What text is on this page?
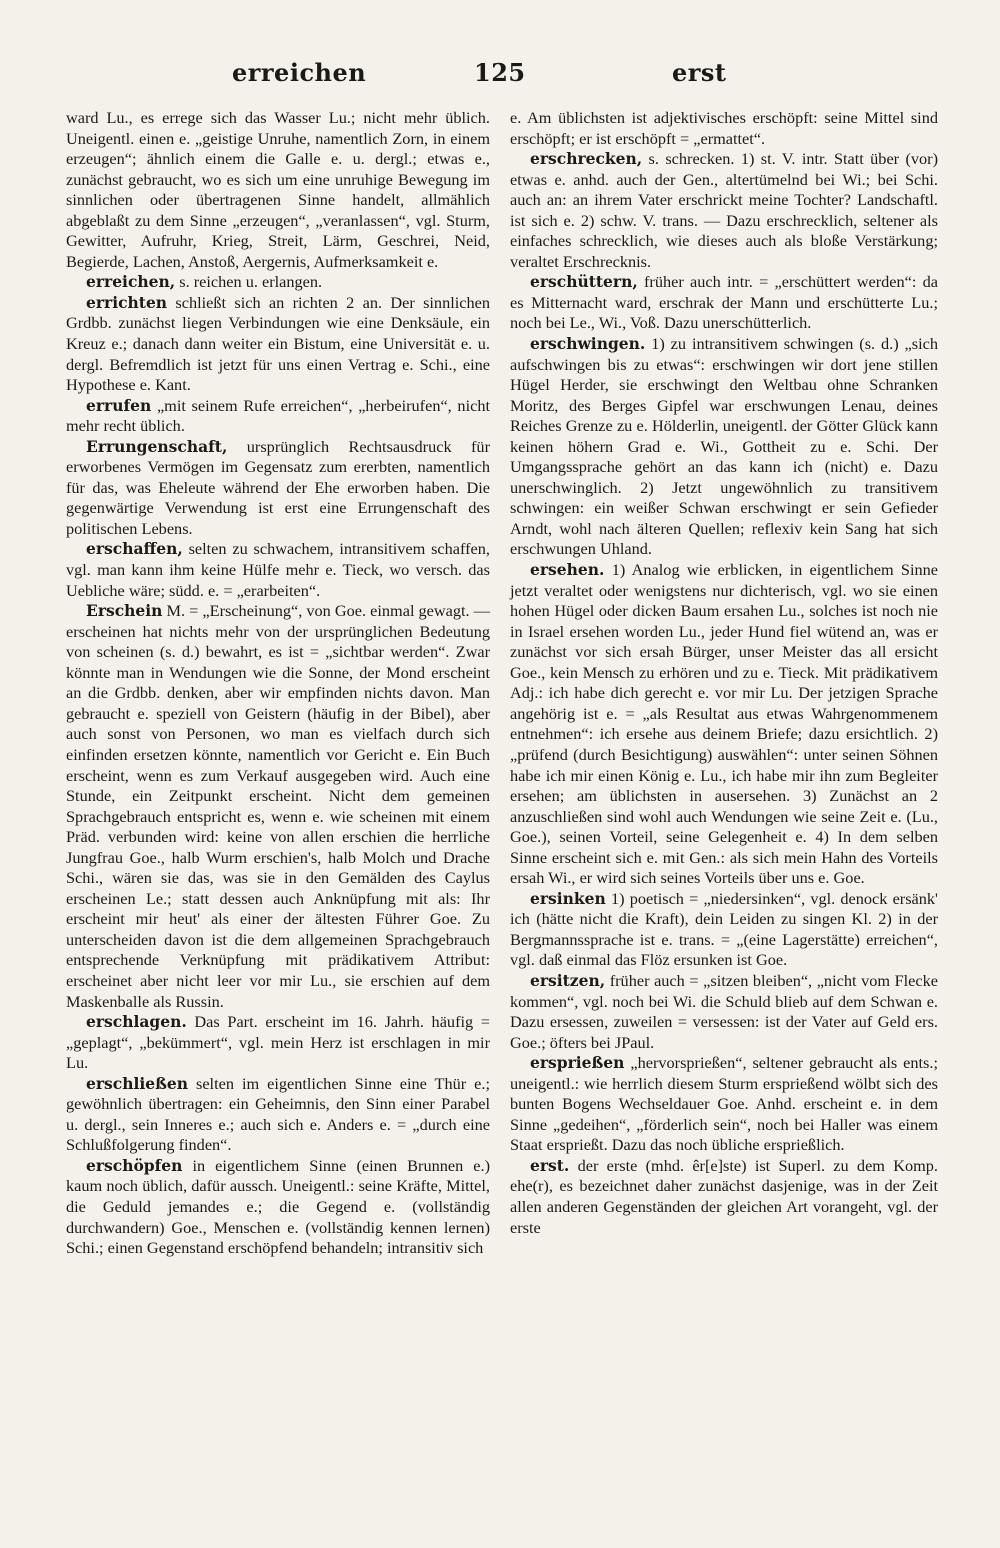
erreichen	125	erst

ward Lu., es errege sich das Wasser Lu.; nicht mehr üblich. Uneigentl. einen e. „geistige Unruhe, namentlich Zorn, in einem erzeugen“; ähnlich einem die Galle e. u. dergl.; etwas e., zunächst gebraucht, wo es sich um eine unruhige Bewegung im sinnlichen oder übertragenen Sinne handelt, allmählich abgeblaßt zu dem Sinne „erzeugen“, „veranlassen“, vgl. Sturm, Gewitter, Aufruhr, Krieg, Streit, Lärm, Geschrei, Neid, Begierde, Lachen, Anstoß, Aergernis, Aufmerksamkeit e.

erreichen, s. reichen u. erlangen.

errichten schließt sich an richten 2 an. Der sinnlichen Grdbb. zunächst liegen Verbindungen wie eine Denksäule, ein Kreuz e.; danach dann weiter ein Bistum, eine Universität e. u. dergl. Befremdlich ist jetzt für uns einen Vertrag e. Schi., eine Hypothese e. Kant.

errufen „mit seinem Rufe erreichen“, „herbeirufen“, nicht mehr recht üblich.

Errungenschaft, ursprünglich Rechtsausdruck für erworbenes Vermögen im Gegensatz zum ererbten, namentlich für das, was Eheleute während der Ehe erworben haben. Die gegenwärtige Verwendung ist erst eine Errungenschaft des politischen Lebens.

erschaffen, selten zu schwachem, intransitivem schaffen, vgl. man kann ihm keine Hülfe mehr e. Tieck, wo versch. das Uebliche wäre; südd. e. = „erarbeiten“.

Erschein M. = „Erscheinung“, von Goe. einmal gewagt. — erscheinen hat nichts mehr von der ursprünglichen Bedeutung von scheinen (s. d.) bewahrt, es ist = „sichtbar werden“. Zwar könnte man in Wendungen wie die Sonne, der Mond erscheint an die Grdbb. denken, aber wir empfinden nichts davon. Man gebraucht e. speziell von Geistern (häufig in der Bibel), aber auch sonst von Personen, wo man es vielfach durch sich einfinden ersetzen könnte, namentlich vor Gericht e. Ein Buch erscheint, wenn es zum Verkauf ausgegeben wird. Auch eine Stunde, ein Zeitpunkt erscheint. Nicht dem gemeinen Sprachgebrauch entspricht es, wenn e. wie scheinen mit einem Präd. verbunden wird: keine von allen erschien die herrliche Jungfrau Goe., halb Wurm erschien's, halb Molch und Drache Schi., wären sie das, was sie in den Gemälden des Caylus erscheinen Le.; statt dessen auch Anknüpfung mit als: Ihr erscheint mir heut' als einer der ältesten Führer Goe. Zu unterscheiden davon ist die dem allgemeinen Sprachgebrauch entsprechende Verknüpfung mit prädikativem Attribut: erscheinet aber nicht leer vor mir Lu., sie erschien auf dem Maskenballe als Russin.

erschlagen. Das Part. erscheint im 16. Jahrh. häufig = „geplagt“, „bekümmert“, vgl. mein Herz ist erschlagen in mir Lu.

erschließen selten im eigentlichen Sinne eine Thür e.; gewöhnlich übertragen: ein Geheimnis, den Sinn einer Parabel u. dergl., sein Inneres e.; auch sich e. Anders e. = „durch eine Schlußfolgerung finden“.

erschöpfen in eigentlichem Sinne (einen Brunnen e.) kaum noch üblich, dafür aussch. Uneigentl.: seine Kräfte, Mittel, die Geduld jemandes e.; die Gegend e. (vollständig durchwandern) Goe., Menschen e. (vollständig kennen lernen) Schi.; einen Gegenstand erschöpfend behandeln; intransitiv sich

e. Am üblichsten ist adjektivisches erschöpft: seine Mittel sind erschöpft; er ist erschöpft = „ermattet“.

erschrecken, s. schrecken. 1) st. V. intr. Statt über (vor) etwas e. anhd. auch der Gen., altertümelnd bei Wi.; bei Schi. auch an: an ihrem Vater erschrickt meine Tochter? Landschaftl. ist sich e. 2) schw. V. trans. — Dazu erschrecklich, seltener als einfaches schrecklich, wie dieses auch als bloße Verstärkung; veraltet Erschrecknis.

erschüttern, früher auch intr. = „erschüttert werden“: da es Mitternacht ward, erschrak der Mann und erschütterte Lu.; noch bei Le., Wi., Voß. Dazu unerschütterlich.

erschwingen. 1) zu intransitivem schwingen (s. d.) „sich aufschwingen bis zu etwas“: erschwingen wir dort jene stillen Hügel Herder, sie erschwingt den Weltbau ohne Schranken Moritz, des Berges Gipfel war erschwungen Lenau, deines Reiches Grenze zu e. Hölderlin, uneigentl. der Götter Glück kann keinen höhern Grad e. Wi., Gottheit zu e. Schi. Der Umgangssprache gehört an das kann ich (nicht) e. Dazu unerschwinglich. 2) Jetzt ungewöhnlich zu transitivem schwingen: ein weißer Schwan erschwingt er sein Gefieder Arndt, wohl nach älteren Quellen; reflexiv kein Sang hat sich erschwungen Uhland.

ersehen. 1) Analog wie erblicken, in eigentlichem Sinne jetzt veraltet oder wenigstens nur dichterisch, vgl. wo sie einen hohen Hügel oder dicken Baum ersahen Lu., solches ist noch nie in Israel ersehen worden Lu., jeder Hund fiel wütend an, was er zunächst vor sich ersah Bürger, unser Meister das all ersicht Goe., kein Mensch zu erhören und zu e. Tieck. Mit prädikativem Adj.: ich habe dich gerecht e. vor mir Lu. Der jetzigen Sprache angehörig ist e. = „als Resultat aus etwas Wahrgenommenem entnehmen“: ich ersehe aus deinem Briefe; dazu ersichtlich. 2) „prüfend (durch Besichtigung) auswählen“: unter seinen Söhnen habe ich mir einen König e. Lu., ich habe mir ihn zum Begleiter ersehen; am üblichsten in ausersehen. 3) Zunächst an 2 anzuschließen sind wohl auch Wendungen wie seine Zeit e. (Lu., Goe.), seinen Vorteil, seine Gelegenheit e. 4) In dem selben Sinne erscheint sich e. mit Gen.: als sich mein Hahn des Vorteils ersah Wi., er wird sich seines Vorteils über uns e. Goe.

ersinken 1) poetisch = „niedersinken“, vgl. denock ersänk' ich (hätte nicht die Kraft), dein Leiden zu singen Kl. 2) in der Bergmannssprache ist e. trans. = „(eine Lagerstätte) erreichen“, vgl. daß einmal das Flöz ersunken ist Goe.

ersitzen, früher auch = „sitzen bleiben“, „nicht vom Flecke kommen“, vgl. noch bei Wi. die Schuld blieb auf dem Schwan e. Dazu ersessen, zuweilen = versessen: ist der Vater auf Geld ers. Goe.; öfters bei JPaul.

ersprießen „hervorsprießen“, seltener gebraucht als ents.; uneigentl.: wie herrlich diesem Sturm ersprießend wölbt sich des bunten Bogens Wechseldauer Goe. Anhd. erscheint e. in dem Sinne „gedeihen“, „förderlich sein“, noch bei Haller was einem Staat ersprießt. Dazu das noch übliche ersprießlich.

erst. der erste (mhd. êr[e]ste) ist Superl. zu dem Komp. ehe(r), es bezeichnet daher zunächst dasjenige, was in der Zeit allen anderen Gegenständen der gleichen Art vorangeht, vgl. der erste
